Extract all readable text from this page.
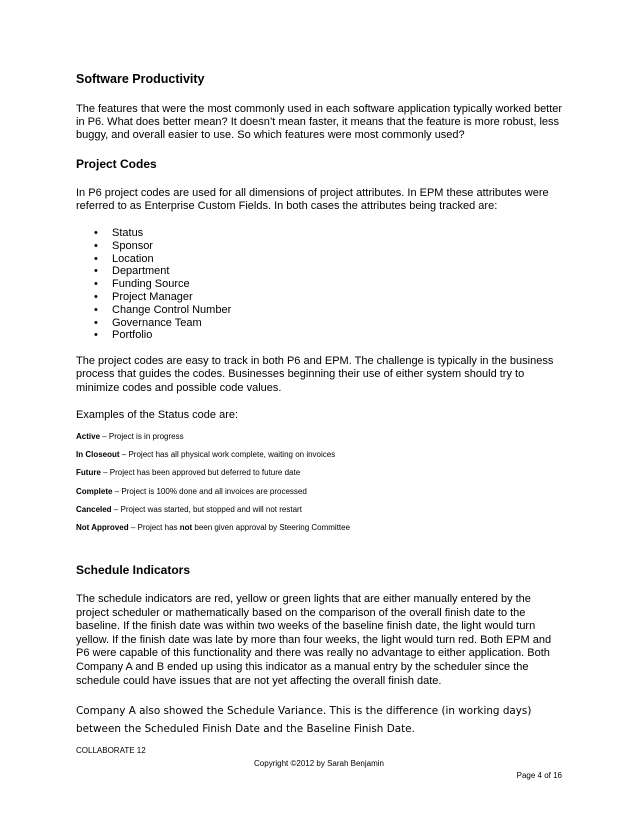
Software Productivity

The features that were the most commonly used in each software application typically worked better in P6. What does better mean? It doesn’t mean faster, it means that the feature is more robust, less buggy, and overall easier to use. So which features were most commonly used?

Project Codes

In P6 project codes are used for all dimensions of project attributes. In EPM these attributes were referred to as Enterprise Custom Fields. In both cases the attributes being tracked are:

• Status
• Sponsor
• Location
• Department
• Funding Source
• Project Manager
• Change Control Number
• Governance Team
• Portfolio

The project codes are easy to track in both P6 and EPM. The challenge is typically in the business process that guides the codes. Businesses beginning their use of either system should try to minimize codes and possible code values.

Examples of the Status code are:

Active – Project is in progress
In Closeout – Project has all physical work complete, waiting on invoices
Future – Project has been approved but deferred to future date
Complete – Project is 100% done and all invoices are processed
Canceled – Project was started, but stopped and will not restart
Not Approved – Project has not been given approval by Steering Committee
Schedule Indicators

The schedule indicators are red, yellow or green lights that are either manually entered by the project scheduler or mathematically based on the comparison of the overall finish date to the baseline. If the finish date was within two weeks of the baseline finish date, the light would turn yellow. If the finish date was late by more than four weeks, the light would turn red. Both EPM and P6 were capable of this functionality and there was really no advantage to either application. Both Company A and B ended up using this indicator as a manual entry by the scheduler since the schedule could have issues that are not yet affecting the overall finish date.

Company A also showed the Schedule Variance. This is the difference (in working days) between the Scheduled Finish Date and the Baseline Finish Date.

COLLABORATE 12
Copyright ©2012 by Sarah Benjamin
Page 4 of 16
